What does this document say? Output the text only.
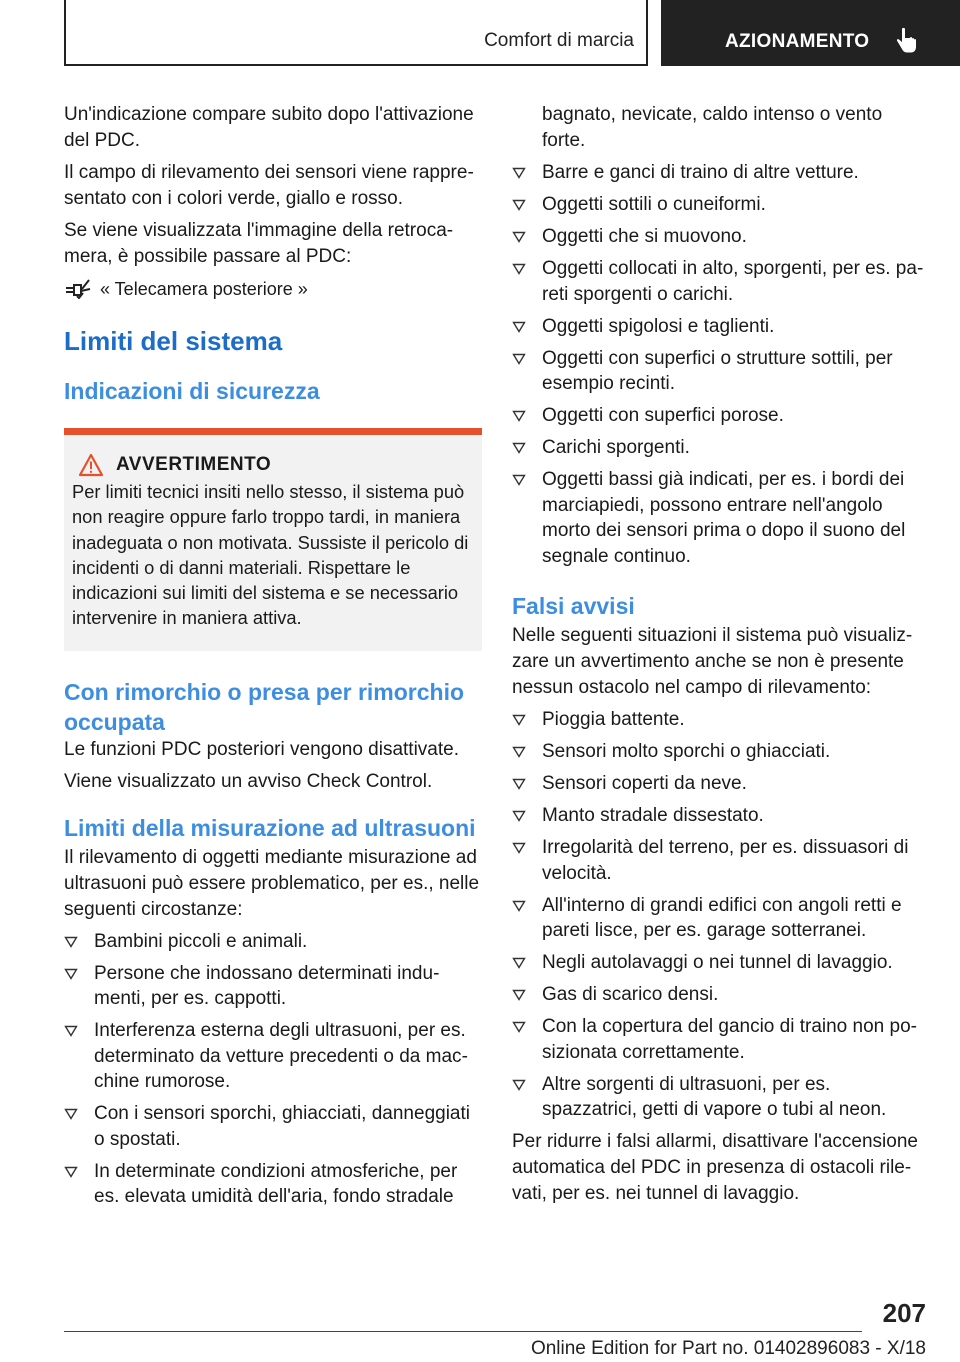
Comfort di marcia	AZIONAMENTO

Un'indicazione compare subito dopo l'attivazione del PDC.

Il campo di rilevamento dei sensori viene rappresentato con i colori verde, giallo e rosso.

Se viene visualizzata l'immagine della retrocamera, è possibile passare al PDC:

« Telecamera posteriore »
Limiti del sistema
Indicazioni di sicurezza
AVVERTIMENTO

Per limiti tecnici insiti nello stesso, il sistema può non reagire oppure farlo troppo tardi, in maniera inadeguata o non motivata. Sussiste il pericolo di incidenti o di danni materiali. Rispettare le indicazioni sui limiti del sistema e se necessario intervenire in maniera attiva.

Con rimorchio o presa per rimorchio occupata

Le funzioni PDC posteriori vengono disattivate.

Viene visualizzato un avviso Check Control.

Limiti della misurazione ad ultrasuoni

Il rilevamento di oggetti mediante misurazione ad ultrasuoni può essere problematico, per es., nelle seguenti circostanze:

Bambini piccoli e animali.
Persone che indossano determinati indumenti, per es. cappotti.
Interferenza esterna degli ultrasuoni, per es. determinato da vetture precedenti o da macchine rumorose.
Con i sensori sporchi, ghiacciati, danneggiati o spostati.
In determinate condizioni atmosferiche, per es. elevata umidità dell'aria, fondo stradale

bagnato, nevicate, caldo intenso o vento forte.

Barre e ganci di traino di altre vetture.
Oggetti sottili o cuneiformi.
Oggetti che si muovono.
Oggetti collocati in alto, sporgenti, per es. pareti sporgenti o carichi.
Oggetti spigolosi e taglienti.
Oggetti con superfici o strutture sottili, per esempio recinti.
Oggetti con superfici porose.
Carichi sporgenti.
Oggetti bassi già indicati, per es. i bordi dei marciapiedi, possono entrare nell'angolo morto dei sensori prima o dopo il suono del segnale continuo.
Falsi avvisi

Nelle seguenti situazioni il sistema può visualizzare un avvertimento anche se non è presente nessun ostacolo nel campo di rilevamento:

Pioggia battente.
Sensori molto sporchi o ghiacciati.
Sensori coperti da neve.
Manto stradale dissestato.
Irregolarità del terreno, per es. dissuasori di velocità.
All'interno di grandi edifici con angoli retti e pareti lisce, per es. garage sotterranei.
Negli autolavaggi o nei tunnel di lavaggio.
Gas di scarico densi.
Con la copertura del gancio di traino non posizionata correttamente.
Altre sorgenti di ultrasuoni, per es. spazzatrici, getti di vapore o tubi al neon.

Per ridurre i falsi allarmi, disattivare l'accensione automatica del PDC in presenza di ostacoli rilevati, per es. nei tunnel di lavaggio.

207
Online Edition for Part no. 01402896083 - X/18
